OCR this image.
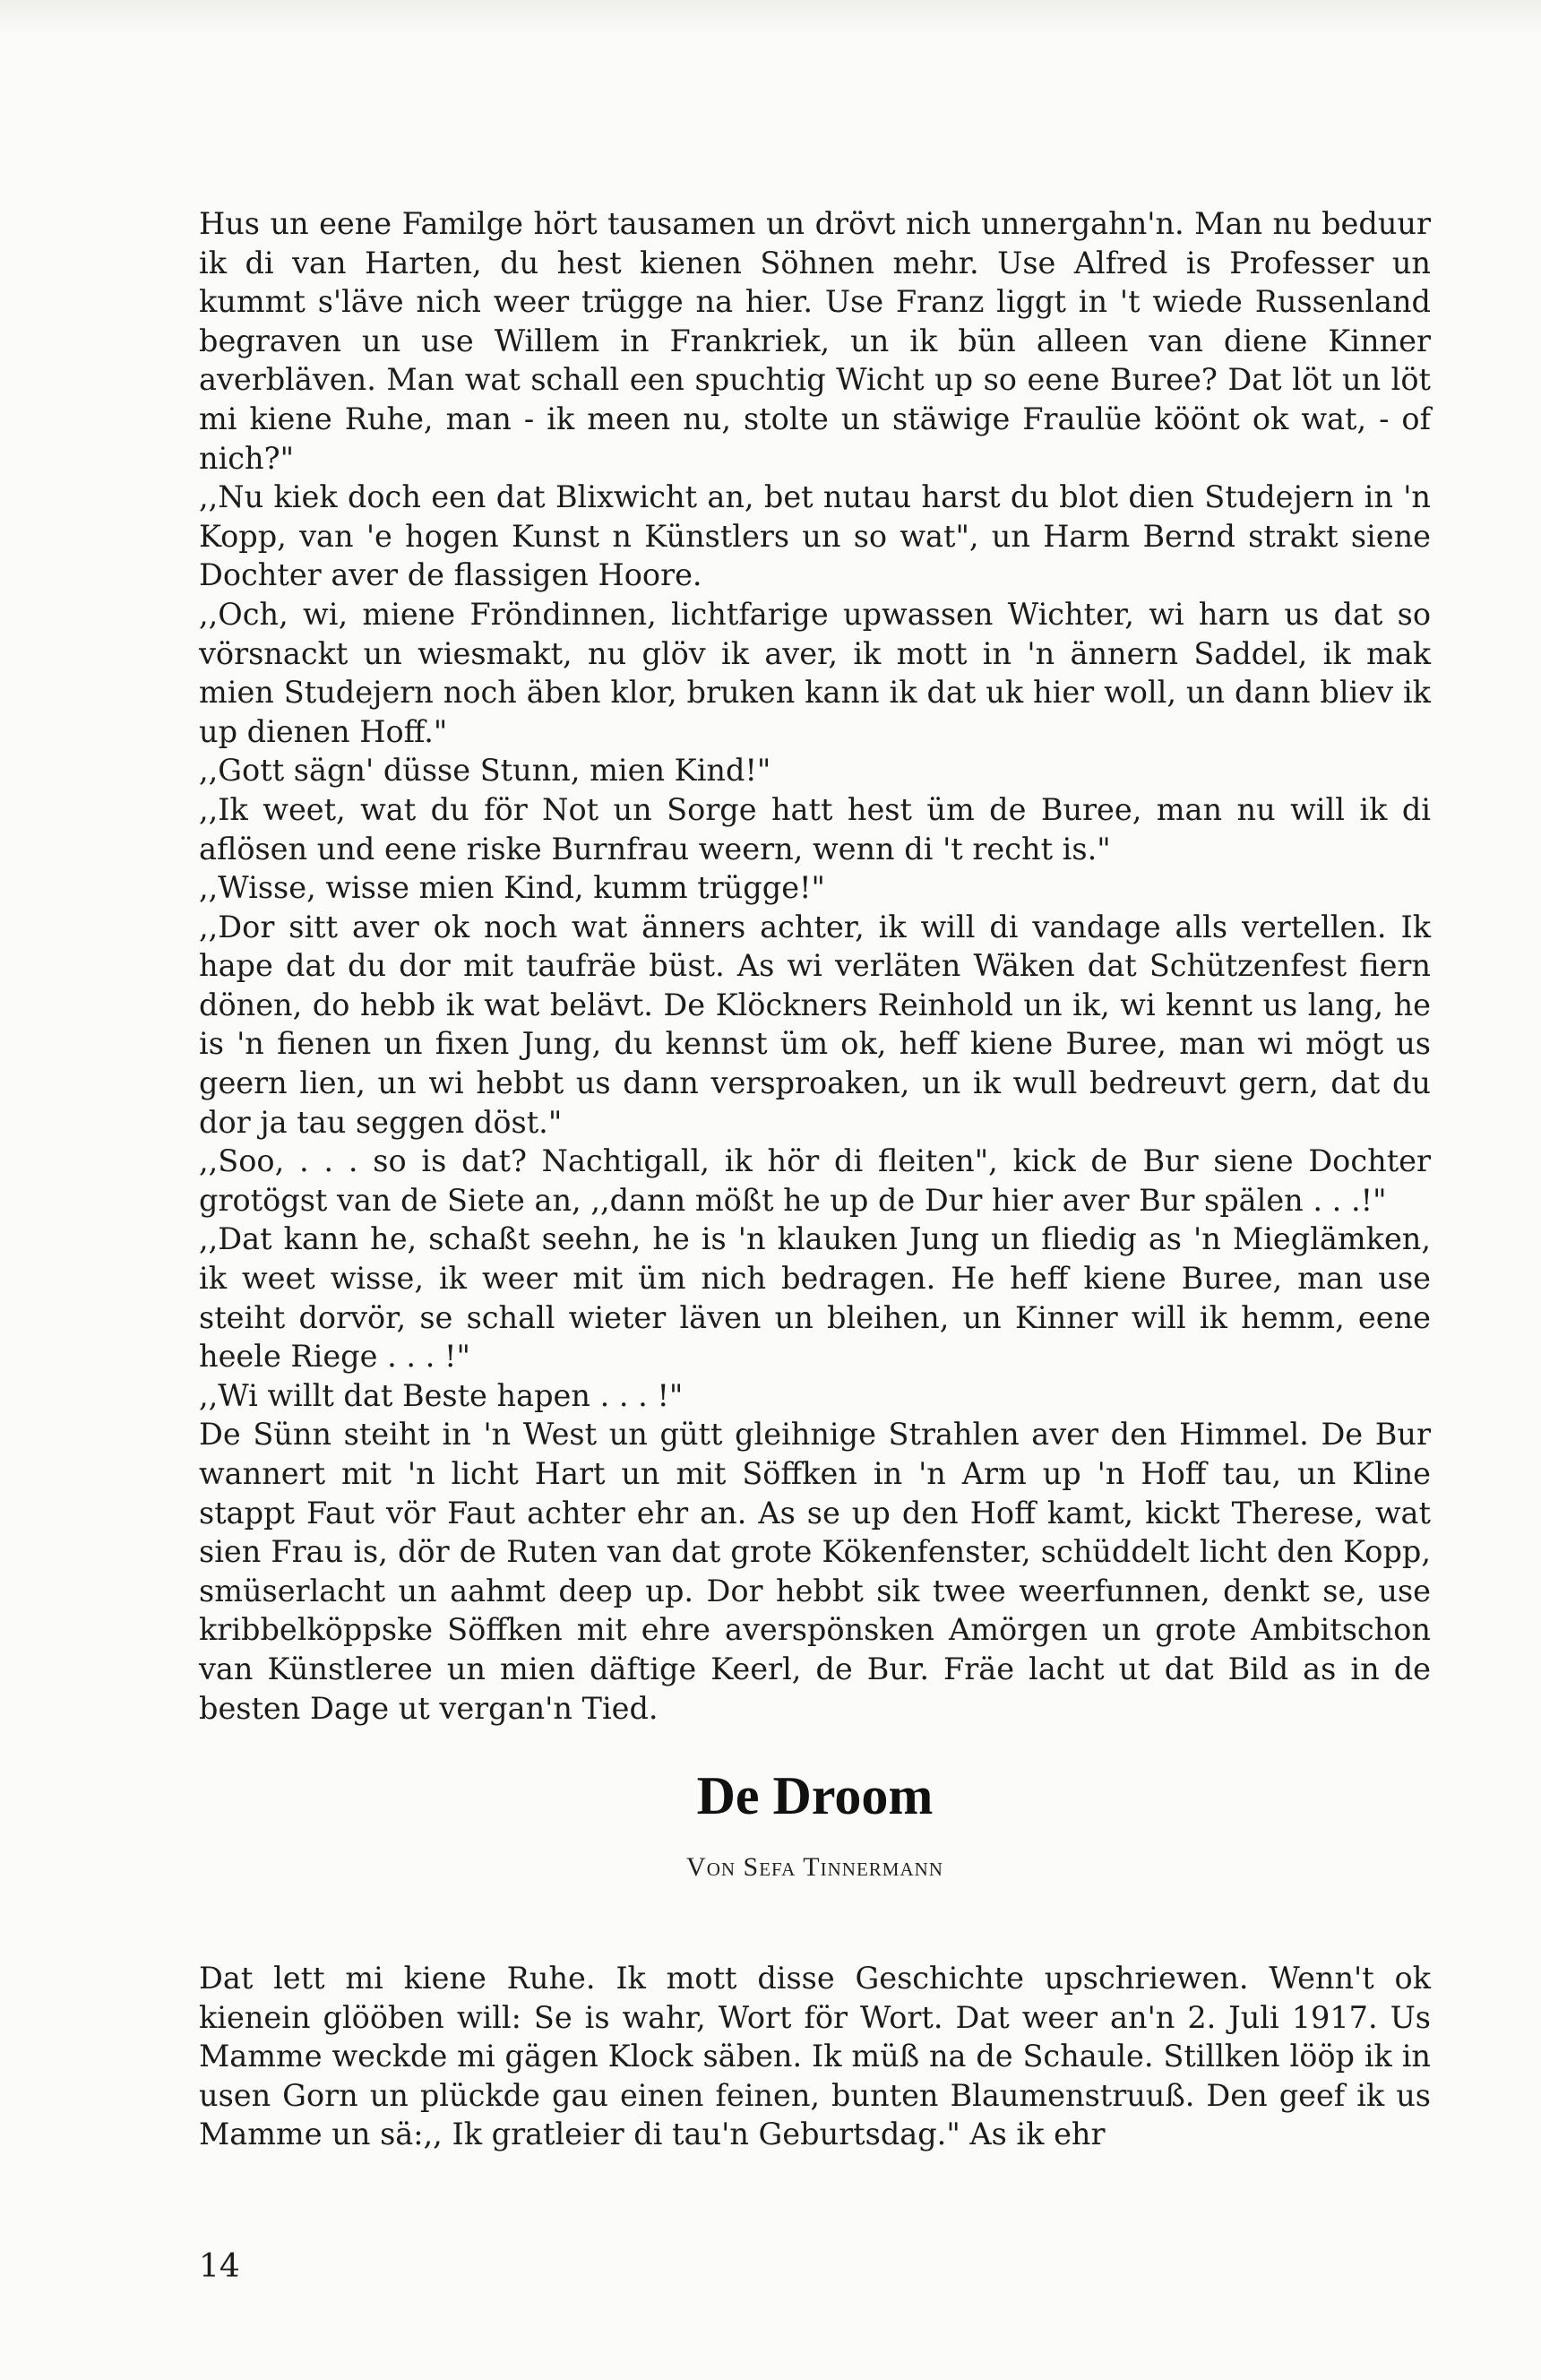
Hus un eene Familge hört tausamen un drövt nich unnergahn'n. Man nu beduur ik di van Harten, du hest kienen Söhnen mehr. Use Alfred is Professer un kummt s'läve nich weer trügge na hier. Use Franz liggt in 't wiede Russenland begraven un use Willem in Frankriek, un ik bün alleen van diene Kinner averbläven. Man wat schall een spuchtig Wicht up so eene Buree? Dat löt un löt mi kiene Ruhe, man - ik meen nu, stolte un stäwige Fraulüe köönt ok wat, - of nich?"

,,Nu kiek doch een dat Blixwicht an, bet nutau harst du blot dien Studejern in 'n Kopp, van 'e hogen Kunst n Künstlers un so wat", un Harm Bernd strakt siene Dochter aver de flassigen Hoore.

,,Och, wi, miene Fröndinnen, lichtfarige upwassen Wichter, wi harn us dat so vörsnackt un wiesmakt, nu glöv ik aver, ik mott in 'n ännern Saddel, ik mak mien Studejern noch äben klor, bruken kann ik dat uk hier woll, un dann bliev ik up dienen Hoff."

,,Gott sägn' düsse Stunn, mien Kind!"

,,Ik weet, wat du för Not un Sorge hatt hest üm de Buree, man nu will ik di aflösen und eene riske Burnfrau weern, wenn di 't recht is."

,,Wisse, wisse mien Kind, kumm trügge!"

,,Dor sitt aver ok noch wat änners achter, ik will di vandage alls vertellen. Ik hape dat du dor mit taufräe büst. As wi verläten Wäken dat Schützenfest fiern dönen, do hebb ik wat belävt. De Klöckners Reinhold un ik, wi kennt us lang, he is 'n fienen un fixen Jung, du kennst üm ok, heff kiene Buree, man wi mögt us geern lien, un wi hebbt us dann versproaken, un ik wull bedreuvt gern, dat du dor ja tau seggen döst."

,,Soo, . . . so is dat? Nachtigall, ik hör di fleiten", kick de Bur siene Dochter grotögst van de Siete an, ,,dann mößt he up de Dur hier aver Bur spälen . . .!"

,,Dat kann he, schaßt seehn, he is 'n klauken Jung un fliedig as 'n Mieglämken, ik weet wisse, ik weer mit üm nich bedragen. He heff kiene Buree, man use steiht dorvör, se schall wieter läven un bleihen, un Kinner will ik hemm, eene heele Riege . . . !"

,,Wi willt dat Beste hapen . . . !"

De Sünn steiht in 'n West un gütt gleihnige Strahlen aver den Himmel. De Bur wannert mit 'n licht Hart un mit Söffken in 'n Arm up 'n Hoff tau, un Kline stappt Faut vör Faut achter ehr an. As se up den Hoff kamt, kickt Therese, wat sien Frau is, dör de Ruten van dat grote Kökenfenster, schüddelt licht den Kopp, smüserlacht un aahmt deep up. Dor hebbt sik twee weerfunnen, denkt se, use kribbelköppske Söffken mit ehre averspönsken Amörgen un grote Ambitschon van Künstleree un mien däftige Keerl, de Bur. Fräe lacht ut dat Bild as in de besten Dage ut vergan'n Tied.

De Droom
Von Sefa Tinnermann

Dat lett mi kiene Ruhe. Ik mott disse Geschichte upschriewen. Wenn't ok kienein glööben will: Se is wahr, Wort för Wort. Dat weer an'n 2. Juli 1917. Us Mamme weckde mi gägen Klock säben. Ik müß na de Schaule. Stillken lööp ik in usen Gorn un plückde gau einen feinen, bunten Blaumenstruuß. Den geef ik us Mamme un sä:,, Ik gratleier di tau'n Geburtsdag." As ik ehr

14
